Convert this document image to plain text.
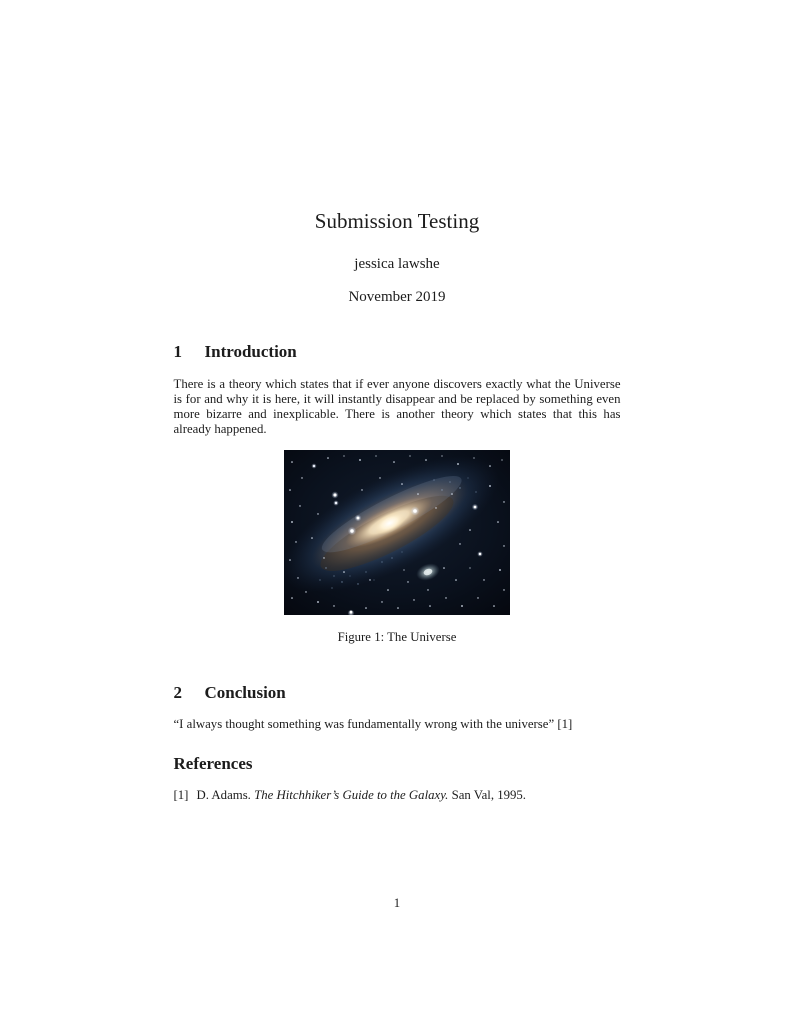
Submission Testing
jessica lawshe
November 2019
1 Introduction

There is a theory which states that if ever anyone discovers exactly what the Universe is for and why it is here, it will instantly disappear and be replaced by something even more bizarre and inexplicable. There is another theory which states that this has already happened.

Figure 1: The Universe
2 Conclusion

“I always thought something was fundamentally wrong with the universe” [1]

References
[1] D. Adams. The Hitchhiker’s Guide to the Galaxy. San Val, 1995.
1
